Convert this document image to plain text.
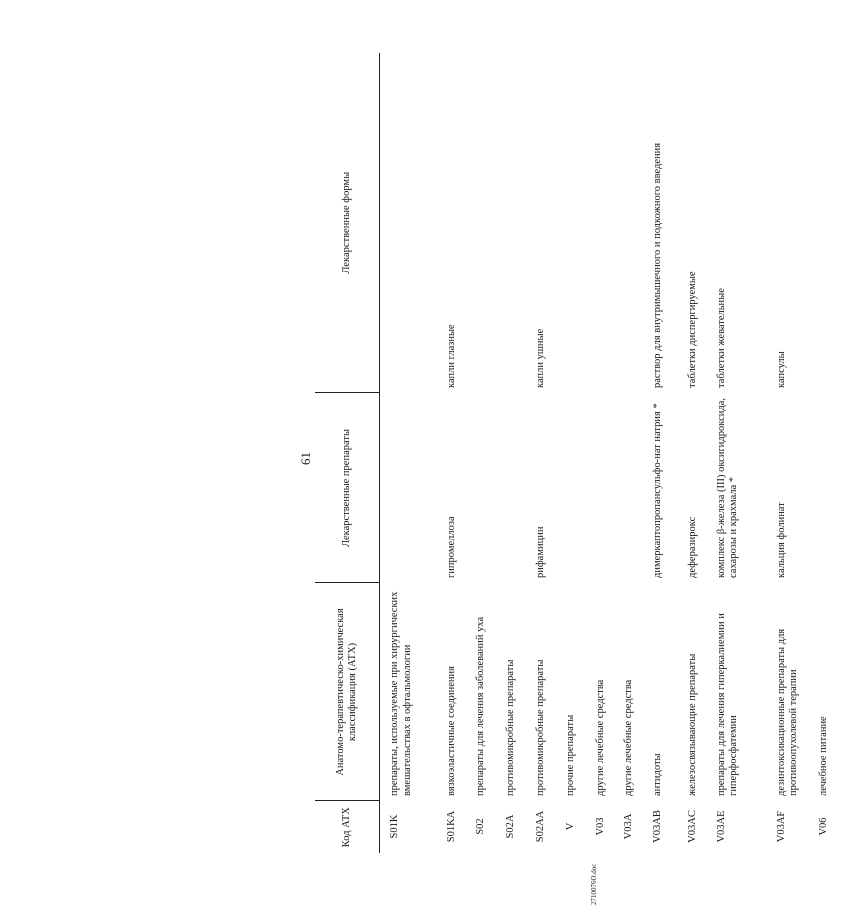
61
Код АТХ	Анатомо-терапевтическо-химическая классификация (АТХ)	Лекарственные препараты	Лекарственные формы
S01K	препараты, используемые при хирургических вмешательствах в офтальмологии		
S01KA	вязкоэластичные соединения	гипромеллоза	капли глазные
S02	препараты для лечения заболеваний уха		
S02A	противомикробные препараты		
S02AA	противомикробные препараты	рифамицин	капли ушные
V	прочие препараты		
V03	другие лечебные средства		
V03A	другие лечебные средства		
V03AB	антидоты	димеркаптопропансульфо-нат натрия *	раствор для внутримышечного и подкожного введения
V03AC	железосвязывающие препараты	деферазирокс	таблетки диспергируемые
V03AE	препараты для лечения гиперкалиемии и гиперфосфатемии	комплекс β-железа (III) оксигидроксида, сахарозы и крахмала *	таблетки жевательные
V03AF	дезинтоксикационные препараты для противоопухолевой терапии	кальция фолинат	капсулы
V06	лечебное питание		
2710076O.doc
